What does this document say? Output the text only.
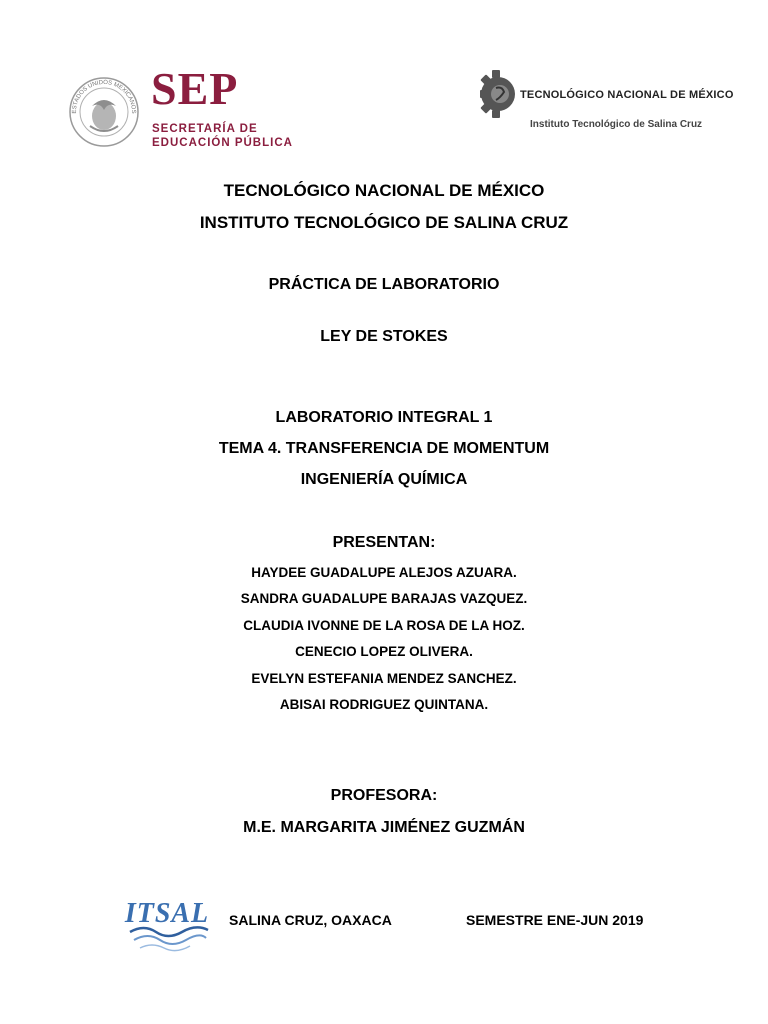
ESTADOS UNIDOS MEXICANOS SEP
SECRETARÍA DE
EDUCACIÓN PÚBLICA
TECNOLÓGICO NACIONAL DE MÉXICO
Instituto Tecnológico de Salina Cruz
TECNOLÓGICO NACIONAL DE MÉXICO
INSTITUTO TECNOLÓGICO DE SALINA CRUZ
PRÁCTICA DE LABORATORIO
LEY DE STOKES
LABORATORIO INTEGRAL 1
TEMA 4. TRANSFERENCIA DE MOMENTUM
INGENIERÍA QUÍMICA
PRESENTAN:
HAYDEE GUADALUPE ALEJOS AZUARA.
SANDRA GUADALUPE BARAJAS VAZQUEZ.
CLAUDIA IVONNE DE LA ROSA DE LA HOZ.
CENECIO LOPEZ OLIVERA.
EVELYN ESTEFANIA MENDEZ SANCHEZ.
ABISAI RODRIGUEZ QUINTANA.
PROFESORA:
M.E. MARGARITA JIMÉNEZ GUZMÁN
ITSAL SALINA CRUZ, OAXACA	SEMESTRE ENE-JUN 2019
